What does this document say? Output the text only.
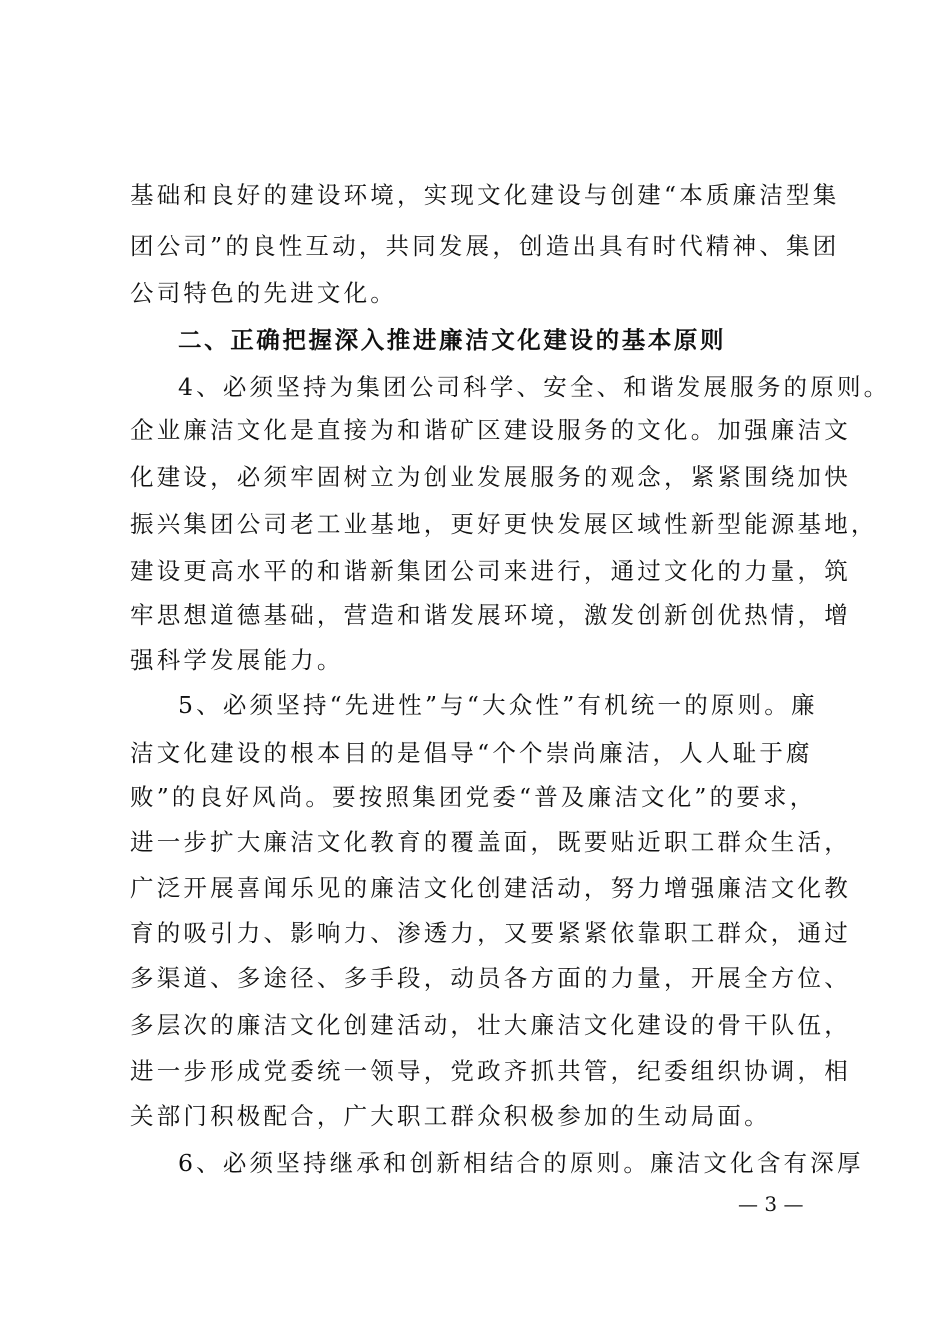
基础和良好的建设环境，实现文化建设与创建“本质廉洁型集
团公司”的良性互动，共同发展，创造出具有时代精神、集团
公司特色的先进文化。
二、正确把握深入推进廉洁文化建设的基本原则
4、必须坚持为集团公司科学、安全、和谐发展服务的原则。
企业廉洁文化是直接为和谐矿区建设服务的文化。加强廉洁文
化建设，必须牢固树立为创业发展服务的观念，紧紧围绕加快
振兴集团公司老工业基地，更好更快发展区域性新型能源基地，
建设更高水平的和谐新集团公司来进行，通过文化的力量，筑
牢思想道德基础，营造和谐发展环境，激发创新创优热情，增
强科学发展能力。
5、必须坚持“先进性”与“大众性”有机统一的原则。廉
洁文化建设的根本目的是倡导“个个崇尚廉洁，人人耻于腐
败”的良好风尚。要按照集团党委“普及廉洁文化”的要求，
进一步扩大廉洁文化教育的覆盖面，既要贴近职工群众生活，
广泛开展喜闻乐见的廉洁文化创建活动，努力增强廉洁文化教
育的吸引力、影响力、渗透力，又要紧紧依靠职工群众，通过
多渠道、多途径、多手段，动员各方面的力量，开展全方位、
多层次的廉洁文化创建活动，壮大廉洁文化建设的骨干队伍，
进一步形成党委统一领导，党政齐抓共管，纪委组织协调，相
关部门积极配合，广大职工群众积极参加的生动局面。
6、必须坚持继承和创新相结合的原则。廉洁文化含有深厚
— 3 —
